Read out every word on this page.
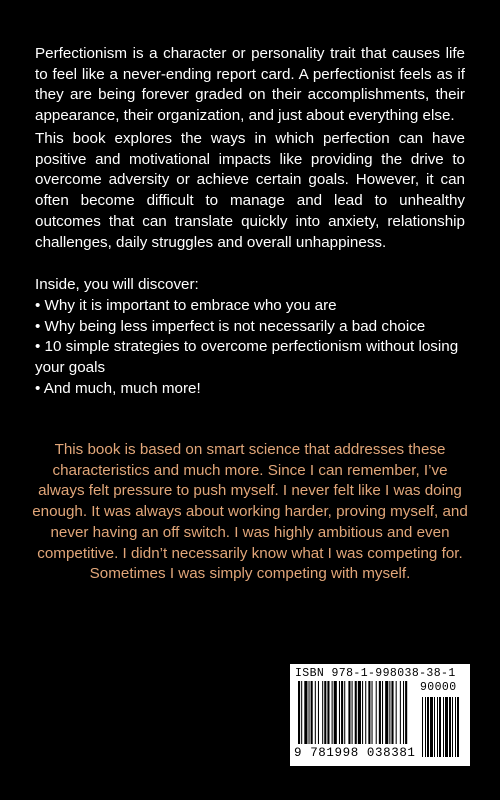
Perfectionism is a character or personality trait that causes life to feel like a never-ending report card. A perfectionist feels as if they are being forever graded on their accomplishments, their appearance, their organization, and just about everything else.

This book explores the ways in which perfection can have positive and motivational impacts like providing the drive to overcome adversity or achieve certain goals. However, it can often become difficult to manage and lead to unhealthy outcomes that can translate quickly into anxiety, relationship challenges, daily struggles and overall unhappiness.

Inside, you will discover:

• Why it is important to embrace who you are
• Why being less imperfect is not necessarily a bad choice
• 10 simple strategies to overcome perfectionism without losing your goals
• And much, much more!

This book is based on smart science that addresses these characteristics and much more. Since I can remember, I’ve always felt pressure to push myself. I never felt like I was doing enough. It was always about working harder, proving myself, and never having an off switch. I was highly ambitious and even competitive. I didn’t necessarily know what I was competing for. Sometimes I was simply competing with myself.

ISBN 978-1-998038-38-1
90000
9 781998 038381
